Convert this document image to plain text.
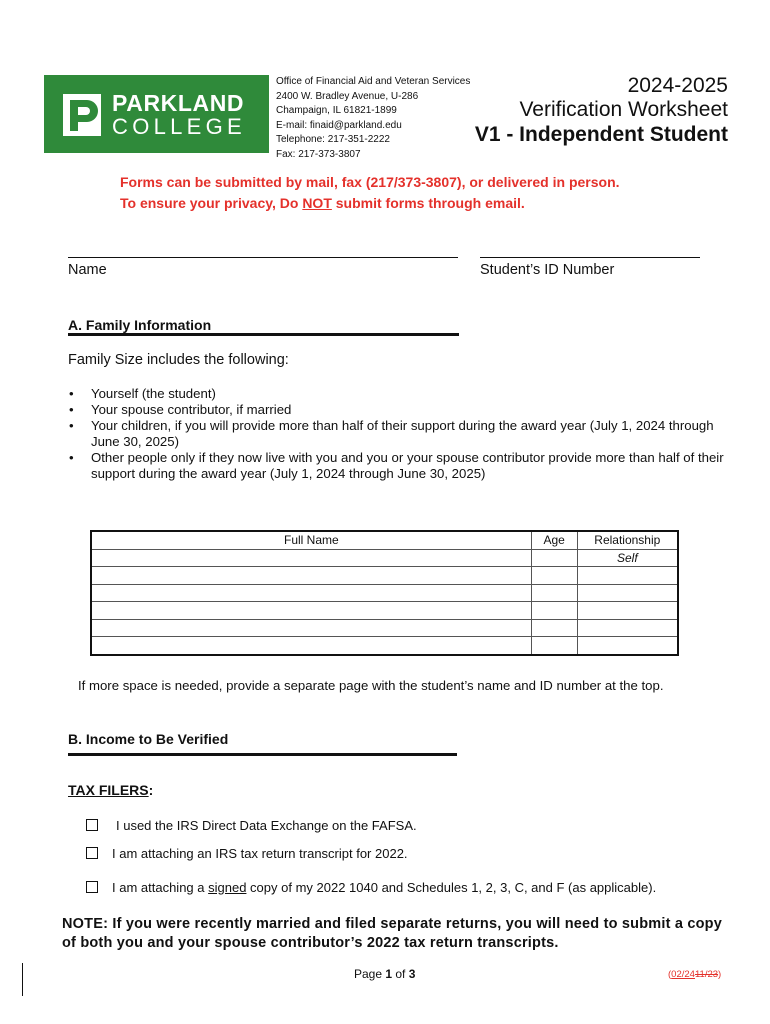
PARKLAND
COLLEGE
Office of Financial Aid and Veteran Services
2400 W. Bradley Avenue, U-286
Champaign, IL 61821-1899
E-mail: finaid@parkland.edu
Telephone: 217-351-2222
Fax: 217-373-3807
2024-2025
Verification Worksheet
V1 - Independent Student
Forms can be submitted by mail, fax (217/373-3807), or delivered in person.
To ensure your privacy, Do NOT submit forms through email.
Name	Student’s ID Number
A. Family Information
Family Size includes the following:
• Yourself (the student)
• Your spouse contributor, if married
• Your children, if you will provide more than half of their support during the award year (July 1, 2024 through June 30, 2025)
• Other people only if they now live with you and you or your spouse contributor provide more than half of their support during the award year (July 1, 2024 through June 30, 2025)
Full Name	Age	Relationship
		Self

If more space is needed, provide a separate page with the student’s name and ID number at the top.
B. Income to Be Verified
TAX FILERS:
I used the IRS Direct Data Exchange on the FAFSA.
I am attaching an IRS tax return transcript for 2022.
I am attaching a signed copy of my 2022 1040 and Schedules 1, 2, 3, C, and F (as applicable).
NOTE: If you were recently married and filed separate returns, you will need to submit a copy of both you and your spouse contributor’s 2022 tax return transcripts.
Page 1 of 3	(02/2411/23)
